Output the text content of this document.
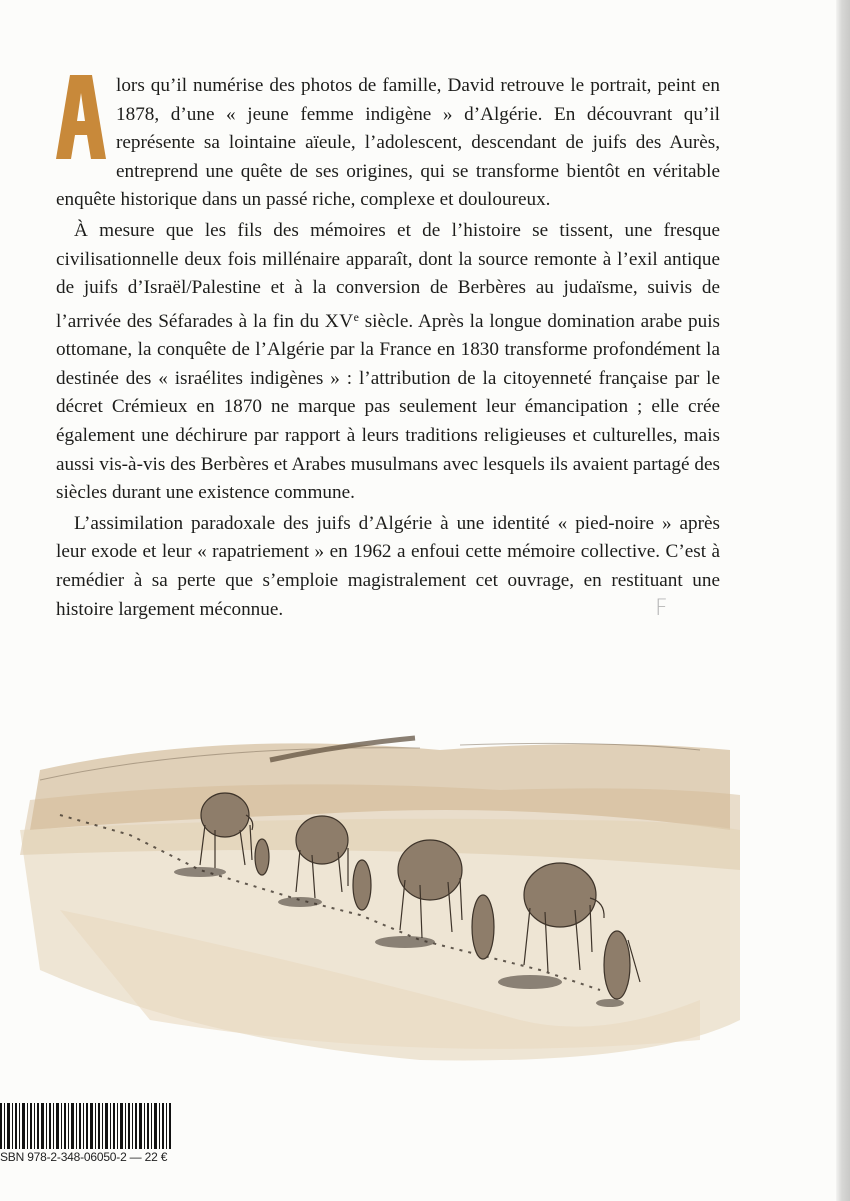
lors qu’il numérise des photos de famille, David retrouve le portrait, peint en 1878, d’une « jeune femme indigène » d’Algérie. En découvrant qu’il représente sa lointaine aïeule, l’adolescent, descendant de juifs des Aurès, entreprend une quête de ses origines, qui se transforme bientôt en véritable enquête historique dans un passé riche, complexe et douloureux.

À mesure que les fils des mémoires et de l’histoire se tissent, une fresque civilisationnelle deux fois millénaire apparaît, dont la source remonte à l’exil antique de juifs d’Israël/Palestine et à la conversion de Berbères au judaïsme, suivis de l’arrivée des Séfarades à la fin du XVe siècle. Après la longue domination arabe puis ottomane, la conquête de l’Algérie par la France en 1830 transforme profondément la destinée des « israélites indigènes » : l’attribution de la citoyenneté française par le décret Crémieux en 1870 ne marque pas seulement leur émancipation ; elle crée également une déchirure par rapport à leurs traditions religieuses et culturelles, mais aussi vis-à-vis des Berbères et Arabes musulmans avec lesquels ils avaient partagé des siècles durant une existence commune.

L’assimilation paradoxale des juifs d’Algérie à une identité « pied-noire » après leur exode et leur « rapatriement » en 1962 a enfoui cette mémoire collective. C’est à remédier à sa perte que s’emploie magistralement cet ouvrage, en restituant une histoire largement méconnue.	F
SBN 978-2-348-06050-2 — 22 €
